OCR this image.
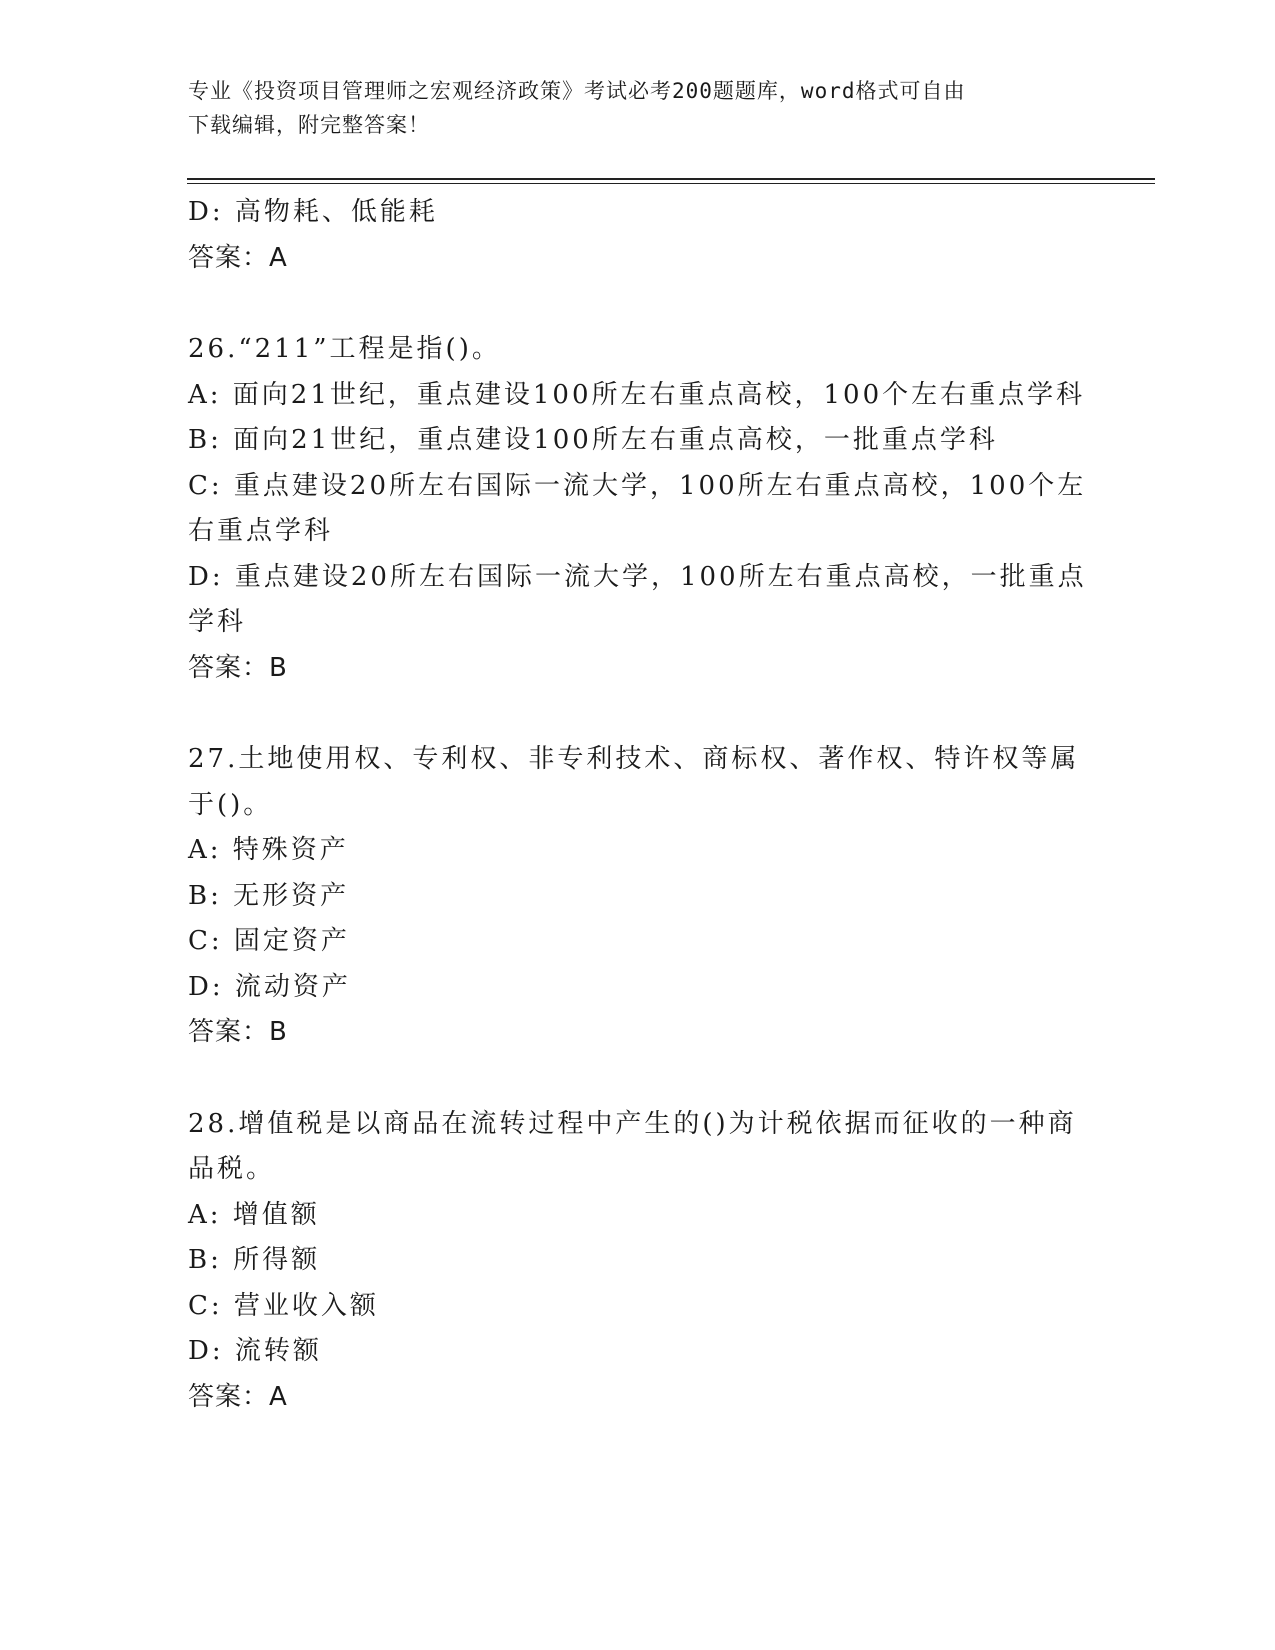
专业《投资项目管理师之宏观经济政策》考试必考200题题库，word格式可自由
下载编辑，附完整答案！

D: 高物耗、低能耗

答案：A

26.“211”工程是指()。

A: 面向21世纪，重点建设100所左右重点高校，100个左右重点学科

B: 面向21世纪，重点建设100所左右重点高校，一批重点学科

C: 重点建设20所左右国际一流大学，100所左右重点高校，100个左

右重点学科

D: 重点建设20所左右国际一流大学，100所左右重点高校，一批重点

学科

答案：B

27.土地使用权、专利权、非专利技术、商标权、著作权、特许权等属

于()。

A: 特殊资产

B: 无形资产

C: 固定资产

D: 流动资产

答案：B

28.增值税是以商品在流转过程中产生的()为计税依据而征收的一种商

品税。

A: 增值额

B: 所得额

C: 营业收入额

D: 流转额

答案：A
